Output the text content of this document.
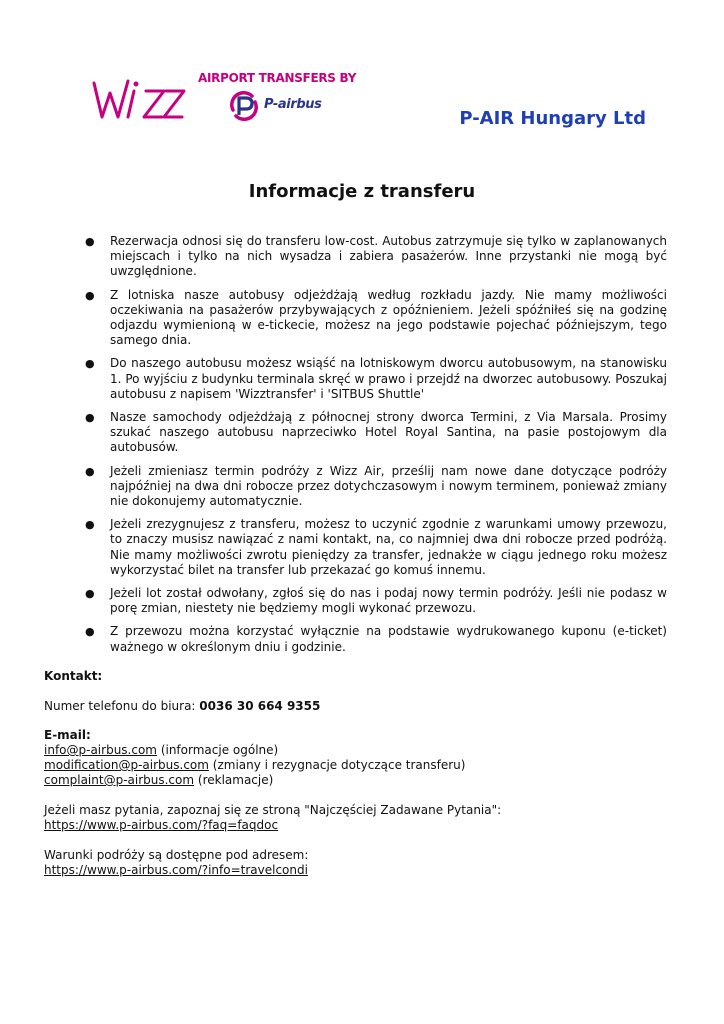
AIRPORT TRANSFERS BY
P-airbus
P-AIR Hungary Ltd
Informacje z transferu
● Rezerwacja odnosi się do transferu low-cost. Autobus zatrzymuje się tylko w zaplanowanych miejscach i tylko na nich wysadza i zabiera pasażerów. Inne przystanki nie mogą być uwzględnione.
● Z lotniska nasze autobusy odjeżdżają według rozkładu jazdy. Nie mamy możliwości oczekiwania na pasażerów przybywających z opóźnieniem. Jeżeli spóźniłeś się na godzinę odjazdu wymienioną w e-tickecie, możesz na jego podstawie pojechać późniejszym, tego samego dnia.
● Do naszego autobusu możesz wsiąść na lotniskowym dworcu autobusowym, na stanowisku 1. Po wyjściu z budynku terminala skręć w prawo i przejdź na dworzec autobusowy. Poszukaj autobusu z napisem 'Wizztransfer' i 'SITBUS Shuttle'
● Nasze samochody odjeżdżają z północnej strony dworca Termini, z Via Marsala. Prosimy szukać naszego autobusu naprzeciwko Hotel Royal Santina, na pasie postojowym dla autobusów.
● Jeżeli zmieniasz termin podróży z Wizz Air, prześlij nam nowe dane dotyczące podróży najpóźniej na dwa dni robocze przez dotychczasowym i nowym terminem, ponieważ zmiany nie dokonujemy automatycznie.
● Jeżeli zrezygnujesz z transferu, możesz to uczynić zgodnie z warunkami umowy przewozu, to znaczy musisz nawiązać z nami kontakt, na, co najmniej dwa dni robocze przed podróżą. Nie mamy możliwości zwrotu pieniędzy za transfer, jednakże w ciągu jednego roku możesz wykorzystać bilet na transfer lub przekazać go komuś innemu.
● Jeżeli lot został odwołany, zgłoś się do nas i podaj nowy termin podróży. Jeśli nie podasz w porę zmian, niestety nie będziemy mogli wykonać przewozu.
● Z przewozu można korzystać wyłącznie na podstawie wydrukowanego kuponu (e-ticket) ważnego w określonym dniu i godzinie.
Kontakt:
Numer telefonu do biura: 0036 30 664 9355
E-mail:
info@p-airbus.com (informacje ogólne)
modification@p-airbus.com (zmiany i rezygnacje dotyczące transferu)
complaint@p-airbus.com (reklamacje)
Jeżeli masz pytania, zapoznaj się ze stroną "Najczęściej Zadawane Pytania":
https://www.p-airbus.com/?faq=faqdoc
Warunki podróży są dostępne pod adresem:
https://www.p-airbus.com/?info=travelcondi
